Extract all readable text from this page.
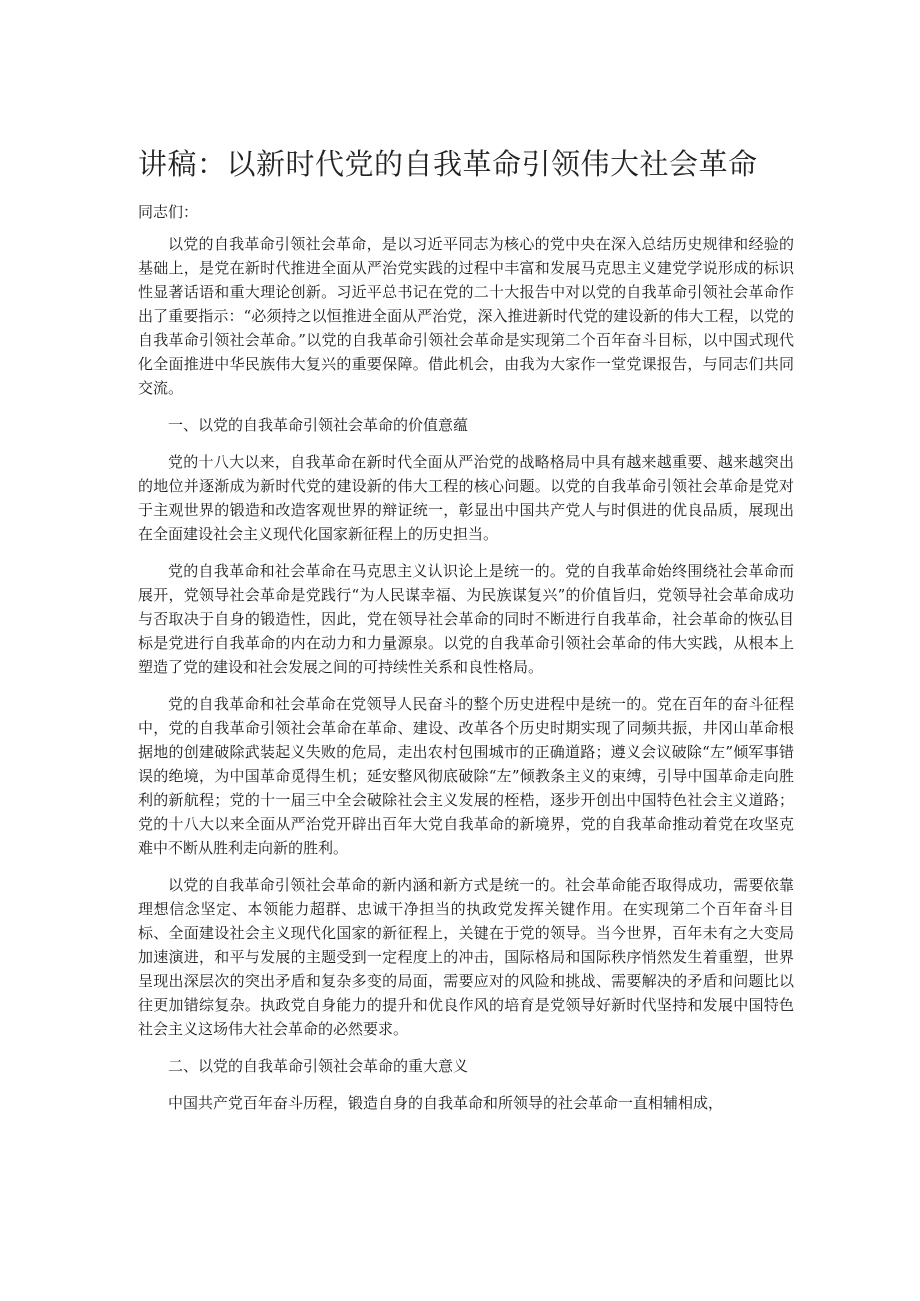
讲稿：以新时代党的自我革命引领伟大社会革命

同志们：

以党的自我革命引领社会革命，是以习近平同志为核心的党中央在深入总结历史规律和经验的基础上，是党在新时代推进全面从严治党实践的过程中丰富和发展马克思主义建党学说形成的标识性显著话语和重大理论创新。习近平总书记在党的二十大报告中对以党的自我革命引领社会革命作出了重要指示：“必须持之以恒推进全面从严治党，深入推进新时代党的建设新的伟大工程，以党的自我革命引领社会革命。”以党的自我革命引领社会革命是实现第二个百年奋斗目标，以中国式现代化全面推进中华民族伟大复兴的重要保障。借此机会，由我为大家作一堂党课报告，与同志们共同交流。

一、以党的自我革命引领社会革命的价值意蕴

党的十八大以来，自我革命在新时代全面从严治党的战略格局中具有越来越重要、越来越突出的地位并逐渐成为新时代党的建设新的伟大工程的核心问题。以党的自我革命引领社会革命是党对于主观世界的锻造和改造客观世界的辩证统一，彰显出中国共产党人与时俱进的优良品质，展现出在全面建设社会主义现代化国家新征程上的历史担当。

党的自我革命和社会革命在马克思主义认识论上是统一的。党的自我革命始终围绕社会革命而展开，党领导社会革命是党践行“为人民谋幸福、为民族谋复兴”的价值旨归，党领导社会革命成功与否取决于自身的锻造性，因此，党在领导社会革命的同时不断进行自我革命，社会革命的恢弘目标是党进行自我革命的内在动力和力量源泉。以党的自我革命引领社会革命的伟大实践，从根本上塑造了党的建设和社会发展之间的可持续性关系和良性格局。

党的自我革命和社会革命在党领导人民奋斗的整个历史进程中是统一的。党在百年的奋斗征程中，党的自我革命引领社会革命在革命、建设、改革各个历史时期实现了同频共振，井冈山革命根据地的创建破除武装起义失败的危局，走出农村包围城市的正确道路；遵义会议破除“左”倾军事错误的绝境，为中国革命觅得生机；延安整风彻底破除“左”倾教条主义的束缚，引导中国革命走向胜利的新航程；党的十一届三中全会破除社会主义发展的桎梏，逐步开创出中国特色社会主义道路；党的十八大以来全面从严治党开辟出百年大党自我革命的新境界，党的自我革命推动着党在攻坚克难中不断从胜利走向新的胜利。

以党的自我革命引领社会革命的新内涵和新方式是统一的。社会革命能否取得成功，需要依靠理想信念坚定、本领能力超群、忠诚干净担当的执政党发挥关键作用。在实现第二个百年奋斗目标、全面建设社会主义现代化国家的新征程上，关键在于党的领导。当今世界，百年未有之大变局加速演进，和平与发展的主题受到一定程度上的冲击，国际格局和国际秩序悄然发生着重塑，世界呈现出深层次的突出矛盾和复杂多变的局面，需要应对的风险和挑战、需要解决的矛盾和问题比以往更加错综复杂。执政党自身能力的提升和优良作风的培育是党领导好新时代坚持和发展中国特色社会主义这场伟大社会革命的必然要求。

二、以党的自我革命引领社会革命的重大意义

中国共产党百年奋斗历程，锻造自身的自我革命和所领导的社会革命一直相辅相成，
